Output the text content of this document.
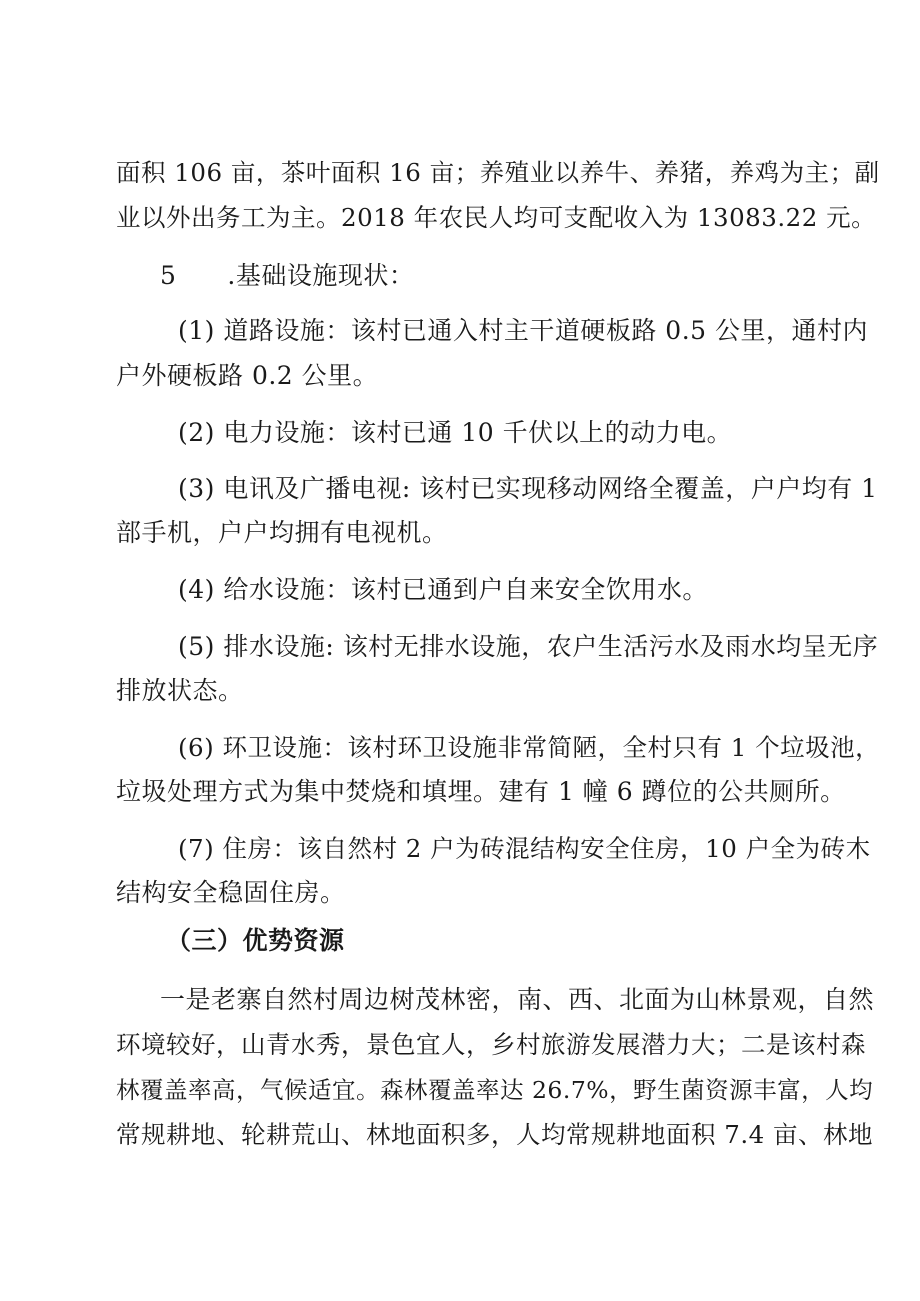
面积 106 亩，茶叶面积 16 亩；养殖业以养牛、养猪，养鸡为主；副
业以外出务工为主。2018 年农民人均可支配收入为 13083.22 元。
5　　.基础设施现状：
(1) 道路设施：该村已通入村主干道硬板路 0.5 公里，通村内
户外硬板路 0.2 公里。
(2) 电力设施：该村已通 10 千伏以上的动力电。
(3) 电讯及广播电视: 该村已实现移动网络全覆盖，户户均有 1
部手机，户户均拥有电视机。
(4) 给水设施：该村已通到户自来安全饮用水。
(5) 排水设施: 该村无排水设施，农户生活污水及雨水均呈无序
排放状态。
(6) 环卫设施：该村环卫设施非常简陋，全村只有 1 个垃圾池，
垃圾处理方式为集中焚烧和填埋。建有 1 幢 6 蹲位的公共厕所。
(7) 住房：该自然村 2 户为砖混结构安全住房，10 户全为砖木
结构安全稳固住房。
（三）优势资源
一是老寨自然村周边树茂林密，南、西、北面为山林景观，自然
环境较好，山青水秀，景色宜人，乡村旅游发展潜力大；二是该村森
林覆盖率高，气候适宜。森林覆盖率达 26.7%，野生菌资源丰富，人均
常规耕地、轮耕荒山、林地面积多，人均常规耕地面积 7.4 亩、林地
